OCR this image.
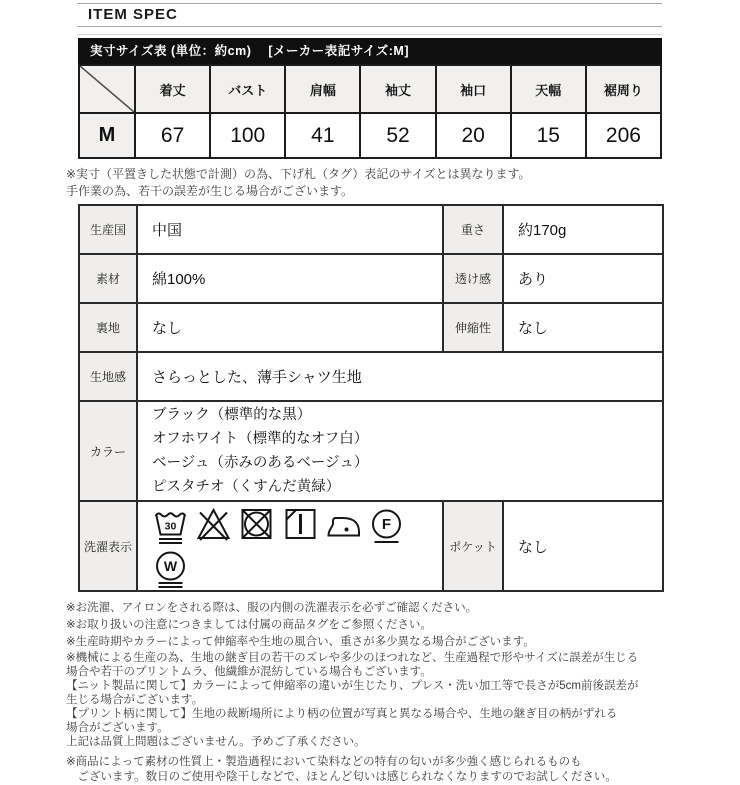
ITEM SPEC
実寸サイズ表 (単位：約cm)　 [メーカー表記サイズ:M]
	着丈	バスト	肩幅	袖丈	袖口	天幅	裾周り
M	67	100	41	52	20	15	206
※実寸（平置きした状態で計測）の為、下げ札（タグ）表記のサイズとは異なります。
手作業の為、若干の誤差が生じる場合がございます。
生産国	中国	重さ	約170g
素材	綿100%	透け感	あり
裏地	なし	伸縮性	なし
生地感	さらっとした、薄手シャツ生地		
カラー	ブラック（標準的な黒）
オフホワイト（標準的なオフ白）
ベージュ（赤みのあるベージュ）
ピスタチオ（くすんだ黄緑）		

洗濯表示	30
F

W	ポケット	なし
※お洗濯、アイロンをされる際は、服の内側の洗濯表示を必ずご確認ください。
※お取り扱いの注意につきましては付属の商品タグをご参照ください。
※生産時期やカラーによって伸縮率や生地の風合い、重さが多少異なる場合がございます。
※機械による生産の為、生地の継ぎ目の若干のズレや多少のほつれなど、生産過程で形やサイズに誤差が生じる
場合や若干のプリントムラ、他繊維が混紡している場合もございます。
【ニット製品に関して】カラーによって伸縮率の違いが生じたり、プレス・洗い加工等で長さが5cm前後誤差が
生じる場合がございます。
【プリント柄に関して】生地の裁断場所により柄の位置が写真と異なる場合や、生地の継ぎ目の柄がずれる
場合がございます。
上記は品質上問題はございません。予めご了承ください。
※商品によって素材の性質上・製造過程において染料などの特有の匂いが多少強く感じられるものも
　ございます。数日のご使用や陰干しなどで、ほとんど匂いは感じられなくなりますのでお試しください。
